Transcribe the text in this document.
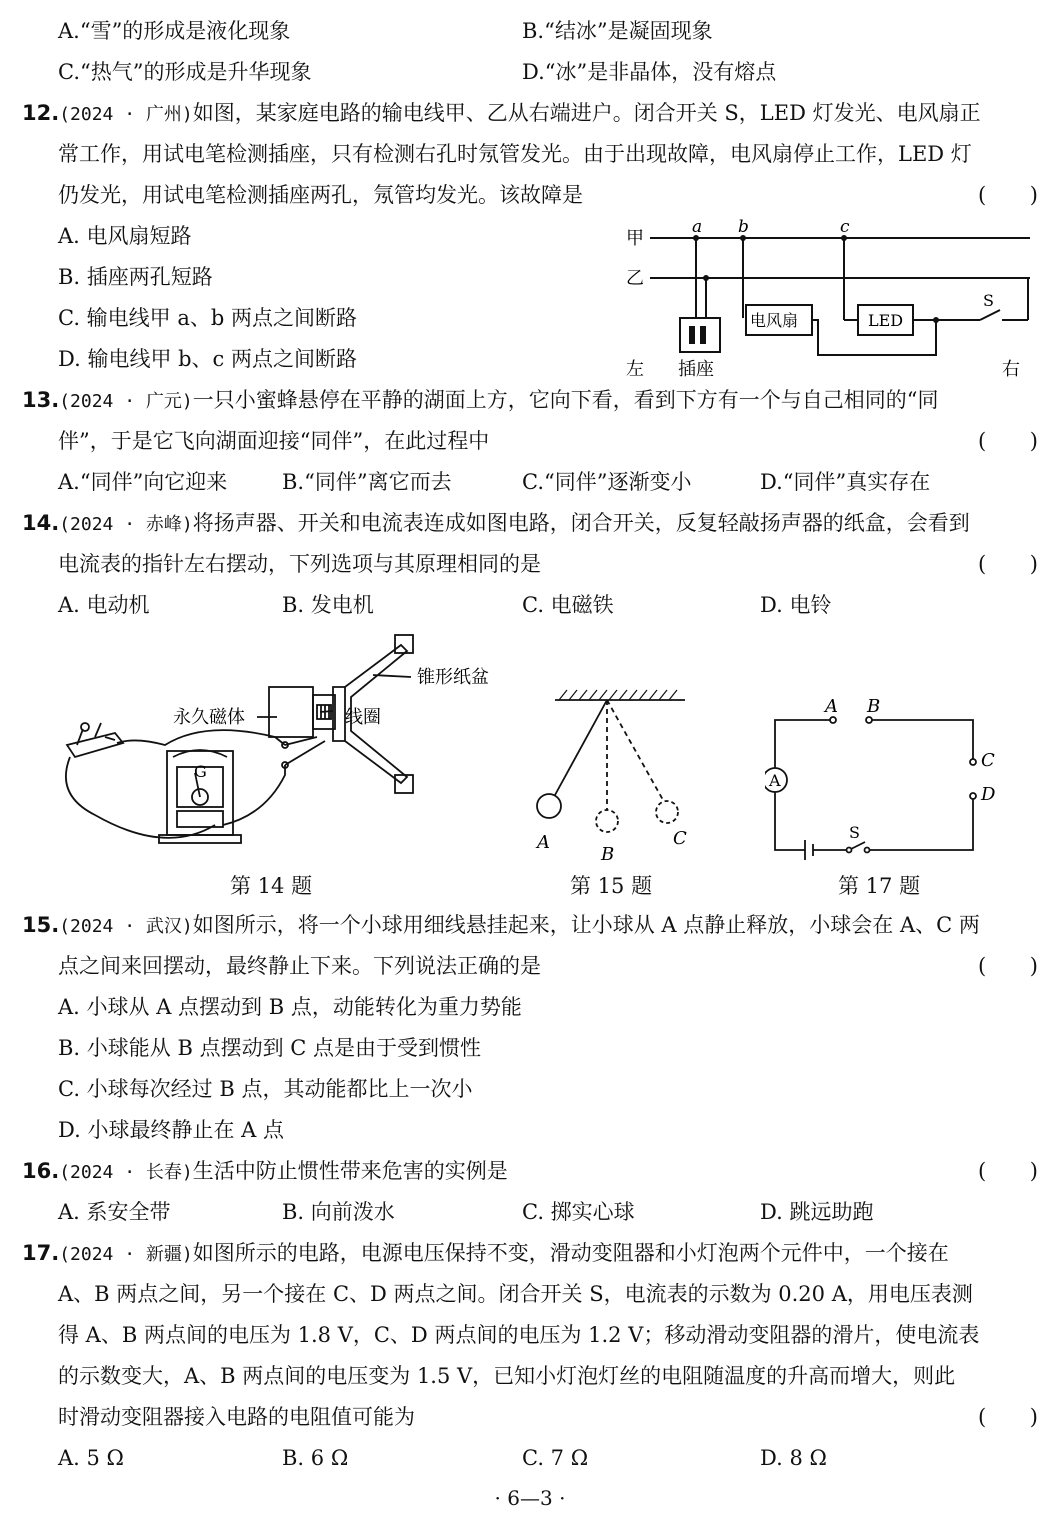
A.“雪”的形成是液化现象	B.“结冰”是凝固现象
C.“热气”的形成是升华现象	D.“冰”是非晶体，没有熔点
12.(2024 · 广州)如图，某家庭电路的输电线甲、乙从右端进户。闭合开关 S，LED 灯发光、电风扇正
常工作，用试电笔检测插座，只有检测右孔时氖管发光。由于出现故障，电风扇停止工作，LED 灯
仍发光，用试电笔检测插座两孔，氖管均发光。该故障是	( )
A. 电风扇短路
B. 插座两孔短路
C. 输电线甲 a、b 两点之间断路
D. 输电线甲 b、c 两点之间断路
甲
乙
a b	c
插座
电风扇	LED
S
左	右
13.(2024 · 广元)一只小蜜蜂悬停在平静的湖面上方，它向下看，看到下方有一个与自己相同的“同
伴”，于是它飞向湖面迎接“同伴”，在此过程中	( )
A.“同伴”向它迎来	B.“同伴”离它而去	C.“同伴”逐渐变小	D.“同伴”真实存在
14.(2024 · 赤峰)将扬声器、开关和电流表连成如图电路，闭合开关，反复轻敲扬声器的纸盒，会看到
电流表的指针左右摆动，下列选项与其原理相同的是	( )
A. 电动机	B. 发电机	C. 电磁铁	D. 电铃
锥形纸盆
线圈
永久磁体
G
A
B
C
A
A B
C
D
S
第 14 题	第 15 题	第 17 题
15.(2024 · 武汉)如图所示，将一个小球用细线悬挂起来，让小球从 A 点静止释放，小球会在 A、C 两
点之间来回摆动，最终静止下来。下列说法正确的是	( )
A. 小球从 A 点摆动到 B 点，动能转化为重力势能
B. 小球能从 B 点摆动到 C 点是由于受到惯性
C. 小球每次经过 B 点，其动能都比上一次小
D. 小球最终静止在 A 点
16.(2024 · 长春)生活中防止惯性带来危害的实例是	( )
A. 系安全带	B. 向前泼水	C. 掷实心球	D. 跳远助跑
17.(2024 · 新疆)如图所示的电路，电源电压保持不变，滑动变阻器和小灯泡两个元件中，一个接在
A、B 两点之间，另一个接在 C、D 两点之间。闭合开关 S，电流表的示数为 0.20 A，用电压表测
得 A、B 两点间的电压为 1.8 V，C、D 两点间的电压为 1.2 V；移动滑动变阻器的滑片，使电流表
的示数变大，A、B 两点间的电压变为 1.5 V，已知小灯泡灯丝的电阻随温度的升高而增大，则此
时滑动变阻器接入电路的电阻值可能为	( )
A. 5 Ω	B. 6 Ω	C. 7 Ω	D. 8 Ω
· 6—3 ·
